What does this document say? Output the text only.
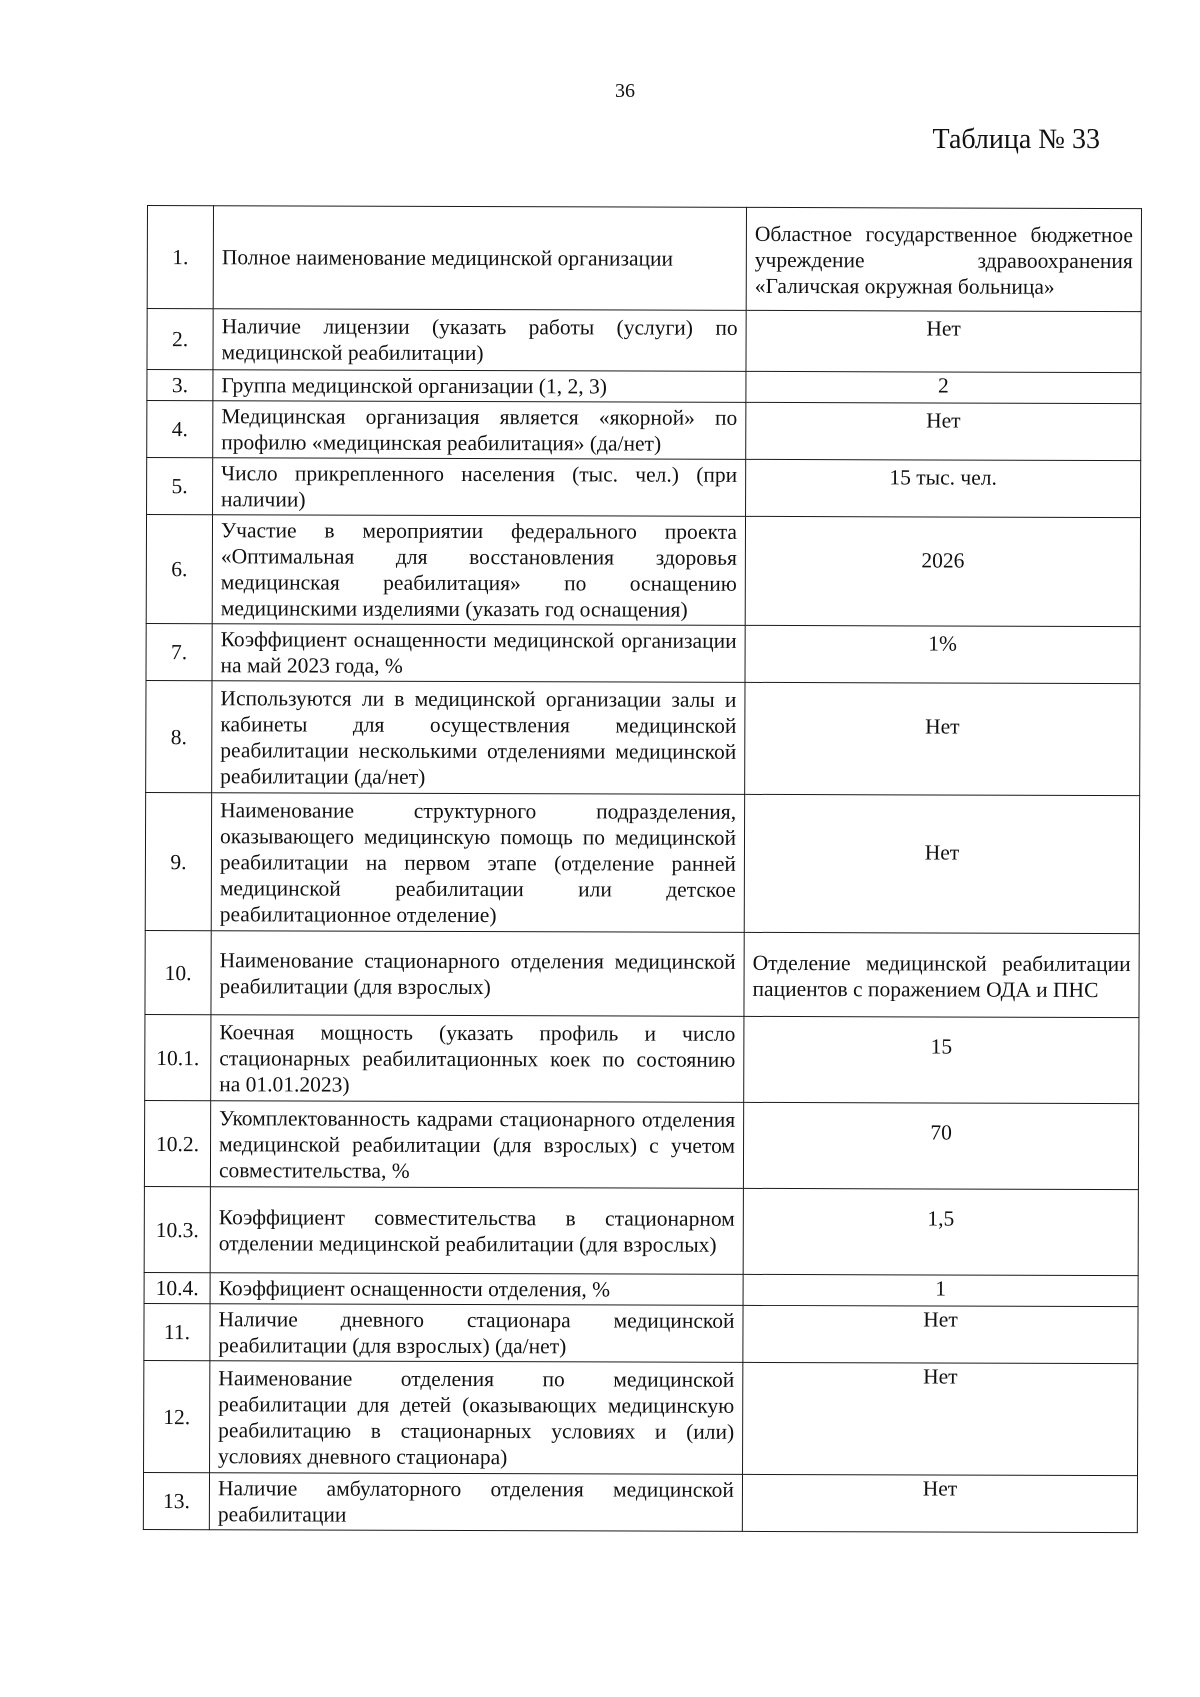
36
Таблица № 33
1.	Полное наименование медицинской организации	Областное государственное бюджетное учреждение здравоохранения «Галичская окружная больница»
2.	Наличие лицензии (указать работы (услуги) по медицинской реабилитации)	Нет
3.	Группа медицинской организации (1, 2, 3)	2
4.	Медицинская организация является «якорной» по профилю «медицинская реабилитация» (да/нет)	Нет
5.	Число прикрепленного населения (тыс. чел.) (при наличии)	15 тыс. чел.
6.	Участие в мероприятии федерального проекта «Оптимальная для восстановления здоровья медицинская реабилитация» по оснащению медицинскими изделиями (указать год оснащения)	2026
7.	Коэффициент оснащенности медицинской организации на май 2023 года, %	1%
8.	Используются ли в медицинской организации залы и кабинеты для осуществления медицинской реабилитации несколькими отделениями медицинской реабилитации (да/нет)	Нет
9.	Наименование структурного подразделения, оказывающего медицинскую помощь по медицинской реабилитации на первом этапе (отделение ранней медицинской реабилитации или детское реабилитационное отделение)	Нет
10.	Наименование стационарного отделения медицинской реабилитации (для взрослых)	Отделение медицинской реабилитации пациентов с поражением ОДА и ПНС
10.1.	Коечная мощность (указать профиль и число стационарных реабилитационных коек по состоянию на 01.01.2023)	15
10.2.	Укомплектованность кадрами стационарного отделения медицинской реабилитации (для взрослых) с учетом совместительства, %	70
10.3.	Коэффициент совместительства в стационарном отделении медицинской реабилитации (для взрослых)	1,5
10.4.	Коэффициент оснащенности отделения, %	1
11.	Наличие дневного стационара медицинской реабилитации (для взрослых) (да/нет)	Нет
12.	Наименование отделения по медицинской реабилитации для детей (оказывающих медицинскую реабилитацию в стационарных условиях и (или) условиях дневного стационара)	Нет
13.	Наличие амбулаторного отделения медицинской реабилитации	Нет
